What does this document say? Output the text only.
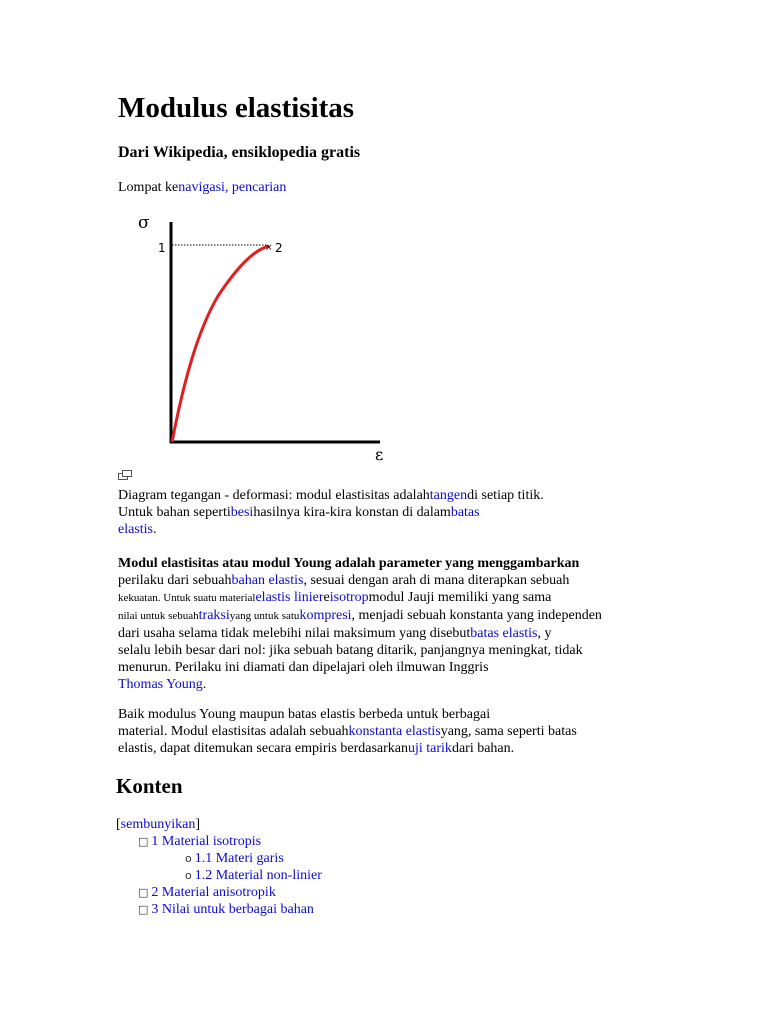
Modulus elastisitas
Dari Wikipedia, ensiklopedia gratis
Lompat kenavigasi, pencarian
σ
1	2
×
ε
Diagram tegangan - deformasi: modul elastisitas adalahtangendi setiap titik.
Untuk bahan sepertibesihasilnya kira-kira konstan di dalambatas
elastis.
Modul elastisitas atau modul Young adalah parameter yang menggambarkan
perilaku dari sebuahbahan elastis, sesuai dengan arah di mana diterapkan sebuah
kekuatan. Untuk suatu materialelastis liniereisotropmodul Jauji memiliki yang sama
nilai untuk sebuahtraksiyang untuk satukompresi, menjadi sebuah konstanta yang independen
dari usaha selama tidak melebihi nilai maksimum yang disebutbatas elastis, y
selalu lebih besar dari nol: jika sebuah batang ditarik, panjangnya meningkat, tidak
menurun. Perilaku ini diamati dan dipelajari oleh ilmuwan Inggris
Thomas Young.
Baik modulus Young maupun batas elastis berbeda untuk berbagai
material. Modul elastisitas adalah sebuahkonstanta elastisyang, sama seperti batas
elastis, dapat ditemukan secara empiris berdasarkanuji tarikdari bahan.
Konten
[sembunyikan]
□ 1 Material isotropis
o 1.1 Materi garis
o 1.2 Material non-linier
□ 2 Material anisotropik
□ 3 Nilai untuk berbagai bahan
